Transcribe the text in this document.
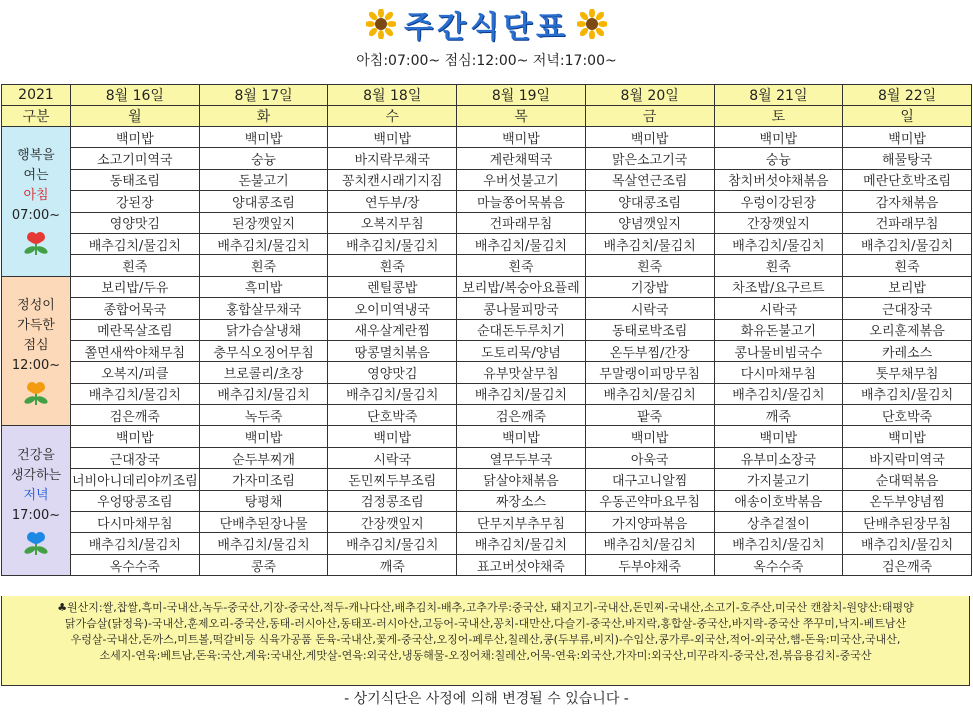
주간식단표
아침:07:00~ 점심:12:00~ 저녁:17:00~
2021	8월 16일	8월 17일	8월 18일	8월 19일	8월 20일	8월 21일	8월 22일
구분	월	화	수	목	금	토	일

행복을
여는
아침
07:00~	백미밥	백미밥	백미밥	백미밥	백미밥	백미밥	백미밥
	소고기미역국	숭늉	바지락무채국	계란채떡국	맑은소고기국	숭늉	해물탕국
	동태조림	돈불고기	꽁치캔시래기지짐	우버섯불고기	목살연근조림	참치버섯야채볶음	메란단호박조림
	강된장	양대콩조림	연두부/장	마늘쫑어묵볶음	양대콩조림	우렁이강된장	감자채볶음
	영양맛김	된장깻잎지	오복지무침	건파래무침	양념깻잎지	간장깻잎지	건파래무침
	배추김치/물김치	배추김치/물김치	배추김치/물김치	배추김치/물김치	배추김치/물김치	배추김치/물김치	배추김치/물김치
	흰죽	흰죽	흰죽	흰죽	흰죽	흰죽	흰죽

정성이
가득한
점심
12:00~	보리밥/두유	흑미밥	렌틸콩밥	보리밥/복숭아요플레	기장밥	차조밥/요구르트	보리밥
	종합어묵국	홍합살무채국	오이미역냉국	콩나물피망국	시락국	시락국	근대장국
	메란목살조림	닭가슴살냉채	새우살계란찜	순대돈두루치기	동태로박조림	화유돈불고기	오리훈제볶음
	쫄면새싹야채무침	충무식오징어무침	땅콩멸치볶음	도토리묵/양념	온두부찜/간장	콩나물비빔국수	카레소스
	오복지/피클	브로콜리/초장	영양맛김	유부맛살무침	무말랭이피망무침	다시마채무침	톳무채무침
	배추김치/물김치	배추김치/물김치	배추김치/물김치	배추김치/물김치	배추김치/물김치	배추김치/물김치	배추김치/물김치
	검은깨죽	녹두죽	단호박죽	검은깨죽	팥죽	깨죽	단호박죽

건강을
생각하는
저녁
17:00~	백미밥	백미밥	백미밥	백미밥	백미밥	백미밥	백미밥
	근대장국	순두부찌개	시락국	열무두부국	아욱국	유부미소장국	바지락미역국
	너비아니데리야끼조림	가자미조림	돈민찌두부조림	닭살야채볶음	대구고니알찜	가지불고기	순대떡볶음
	우엉땅콩조림	탕평채	검정콩조림	짜장소스	우동곤약마요무침	애송이호박볶음	온두부양념찜
	다시마채무침	단배추된장나물	간장깻잎지	단무지부추무침	가지양파볶음	상추겉절이	단배추된장무침
	배추김치/물김치	배추김치/물김치	배추김치/물김치	배추김치/물김치	배추김치/물김치	배추김치/물김치	배추김치/물김치
	옥수수죽	콩죽	깨죽	표고버섯야채죽	두부야채죽	옥수수죽	검은깨죽
♣원산지:쌀,찹쌀,흑미-국내산,녹두-중국산,기장-중국산,적두-캐나다산,배추김치-배추,고추가루:중국산, 돼지고기-국내산,돈민찌-국내산,소고기-호주산,미국산 캔참치-원양산:태평양
닭가슴살(닭정육)-국내산,훈제오리-중국산,동태-러시아산,동태포-러시아산,고등어-국내산,꽁치-대만산,다슬기-중국산,바지락,홍합살-중국산,바지락-중국산 쭈꾸미,낙지-베트남산
우렁살-국내산,돈까스,미트볼,떡갈비등 식육가공품 돈육-국내산,꽃게-중국산,오징어-페루산,칠레산,콩(두부류,비지)-수입산,콩가루-외국산,적어-외국산,햄-돈육:미국산,국내산,
소세지-연육:베트남,돈육:국산,계육:국내산,게맛살-연육:외국산,냉동해물-오징어채:칠레산,어묵-연육:외국산,가자미:외국산,미꾸라지-중국산,전,볶음용김치-중국산
- 상기식단은 사정에 의해 변경될 수 있습니다 -
